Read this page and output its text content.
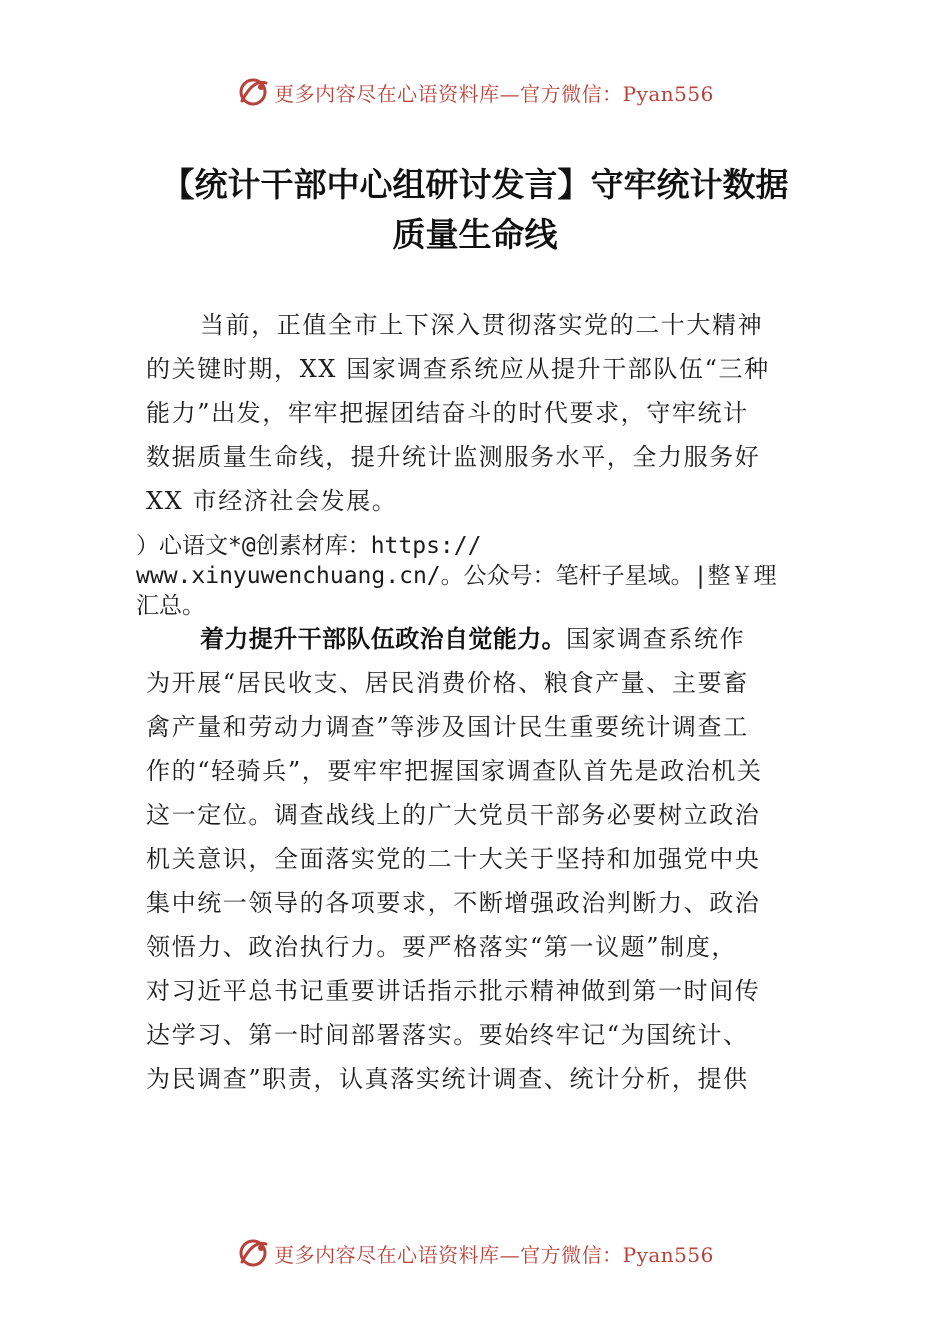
更多内容尽在心语资料库—官方微信：Pyan556
【统计干部中心组研讨发言】守牢统计数据
质量生命线
当前，正值全市上下深入贯彻落实党的二十大精神
的关键时期，XX 国家调查系统应从提升干部队伍“三种
能力”出发，牢牢把握团结奋斗的时代要求，守牢统计
数据质量生命线，提升统计监测服务水平，全力服务好
XX 市经济社会发展。
）心语文*@创素材库：https://
www.xinyuwenchuang.cn/。公众号：笔杆子星域。|整￥理
汇总。
着力提升干部队伍政治自觉能力。国家调查系统作
为开展“居民收支、居民消费价格、粮食产量、主要畜
禽产量和劳动力调查”等涉及国计民生重要统计调查工
作的“轻骑兵”，要牢牢把握国家调查队首先是政治机关
这一定位。调查战线上的广大党员干部务必要树立政治
机关意识，全面落实党的二十大关于坚持和加强党中央
集中统一领导的各项要求，不断增强政治判断力、政治
领悟力、政治执行力。要严格落实“第一议题”制度，
对习近平总书记重要讲话指示批示精神做到第一时间传
达学习、第一时间部署落实。要始终牢记“为国统计、
为民调查”职责，认真落实统计调查、统计分析，提供
更多内容尽在心语资料库—官方微信：Pyan556
